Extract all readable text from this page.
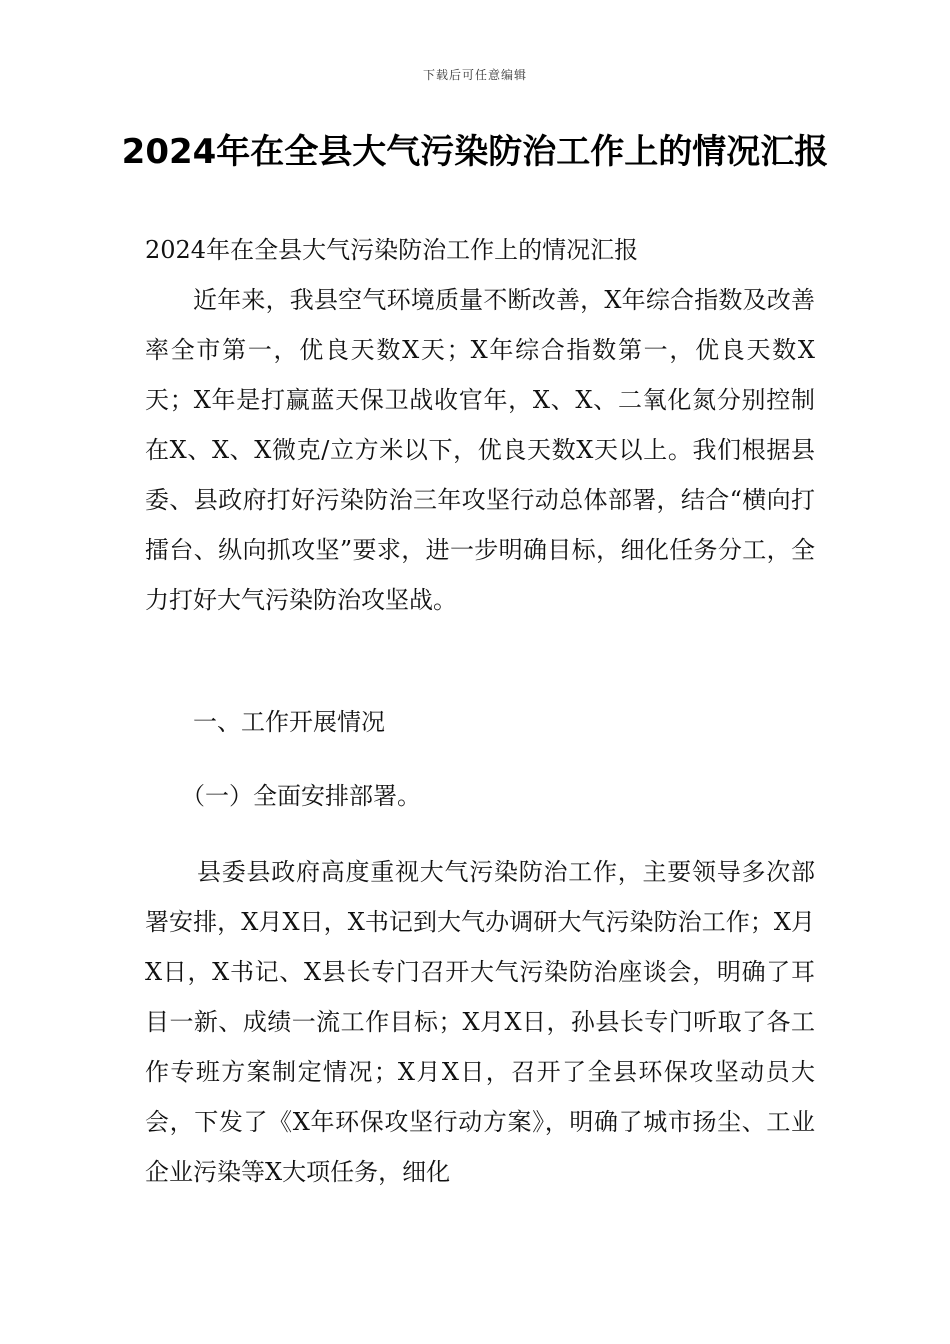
下载后可任意编辑
2024年在全县大气污染防治工作上的情况汇报
2024年在全县大气污染防治工作上的情况汇报
近年来，我县空气环境质量不断改善，X年综合指数及改善率全市第一，优良天数X天；X年综合指数第一，优良天数X天；X年是打赢蓝天保卫战收官年，X、X、二氧化氮分别控制在X、X、X微克/立方米以下，优良天数X天以上。我们根据县委、县政府打好污染防治三年攻坚行动总体部署，结合“横向打擂台、纵向抓攻坚”要求，进一步明确目标，细化任务分工，全力打好大气污染防治攻坚战。
一、工作开展情况
（一）全面安排部署。
县委县政府高度重视大气污染防治工作，主要领导多次部署安排，X月X日，X书记到大气办调研大气污染防治工作；X月X日，X书记、X县长专门召开大气污染防治座谈会，明确了耳目一新、成绩一流工作目标；X月X日，孙县长专门听取了各工作专班方案制定情况；X月X日，召开了全县环保攻坚动员大会，下发了《X年环保攻坚行动方案》，明确了城市扬尘、工业企业污染等X大项任务，细化
